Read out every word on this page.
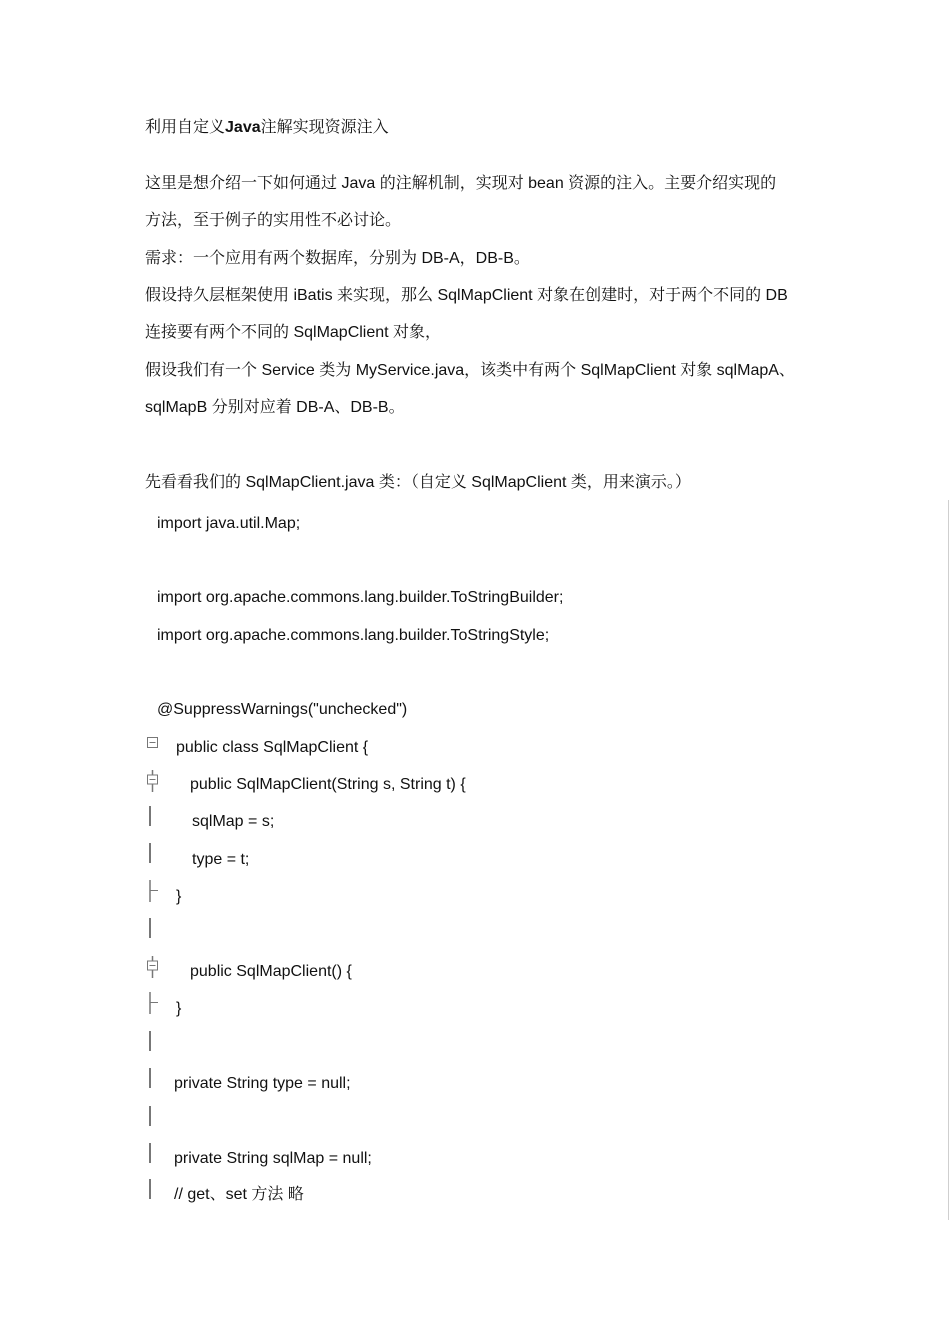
利用自定义Java注解实现资源注入
这里是想介绍一下如何通过 Java 的注解机制，实现对 bean 资源的注入。主要介绍实现的
方法，至于例子的实用性不必讨论。
需求：一个应用有两个数据库，分别为 DB-A，DB-B。
假设持久层框架使用 iBatis 来实现，那么 SqlMapClient 对象在创建时，对于两个不同的 DB
连接要有两个不同的 SqlMapClient 对象，
假设我们有一个 Service 类为 MyService.java，该类中有两个 SqlMapClient 对象 sqlMapA、
sqlMapB 分别对应着 DB-A、DB-B。
先看看我们的 SqlMapClient.java 类：（自定义 SqlMapClient 类，用来演示。）
import java.util.Map;
import org.apache.commons.lang.builder.ToStringBuilder;
import org.apache.commons.lang.builder.ToStringStyle;
@SuppressWarnings("unchecked")
public class SqlMapClient {
public SqlMapClient(String s, String t) {
sqlMap = s;
type = t;
}
public SqlMapClient() {
}
private String type = null;
private String sqlMap = null;
// get、set 方法 略
